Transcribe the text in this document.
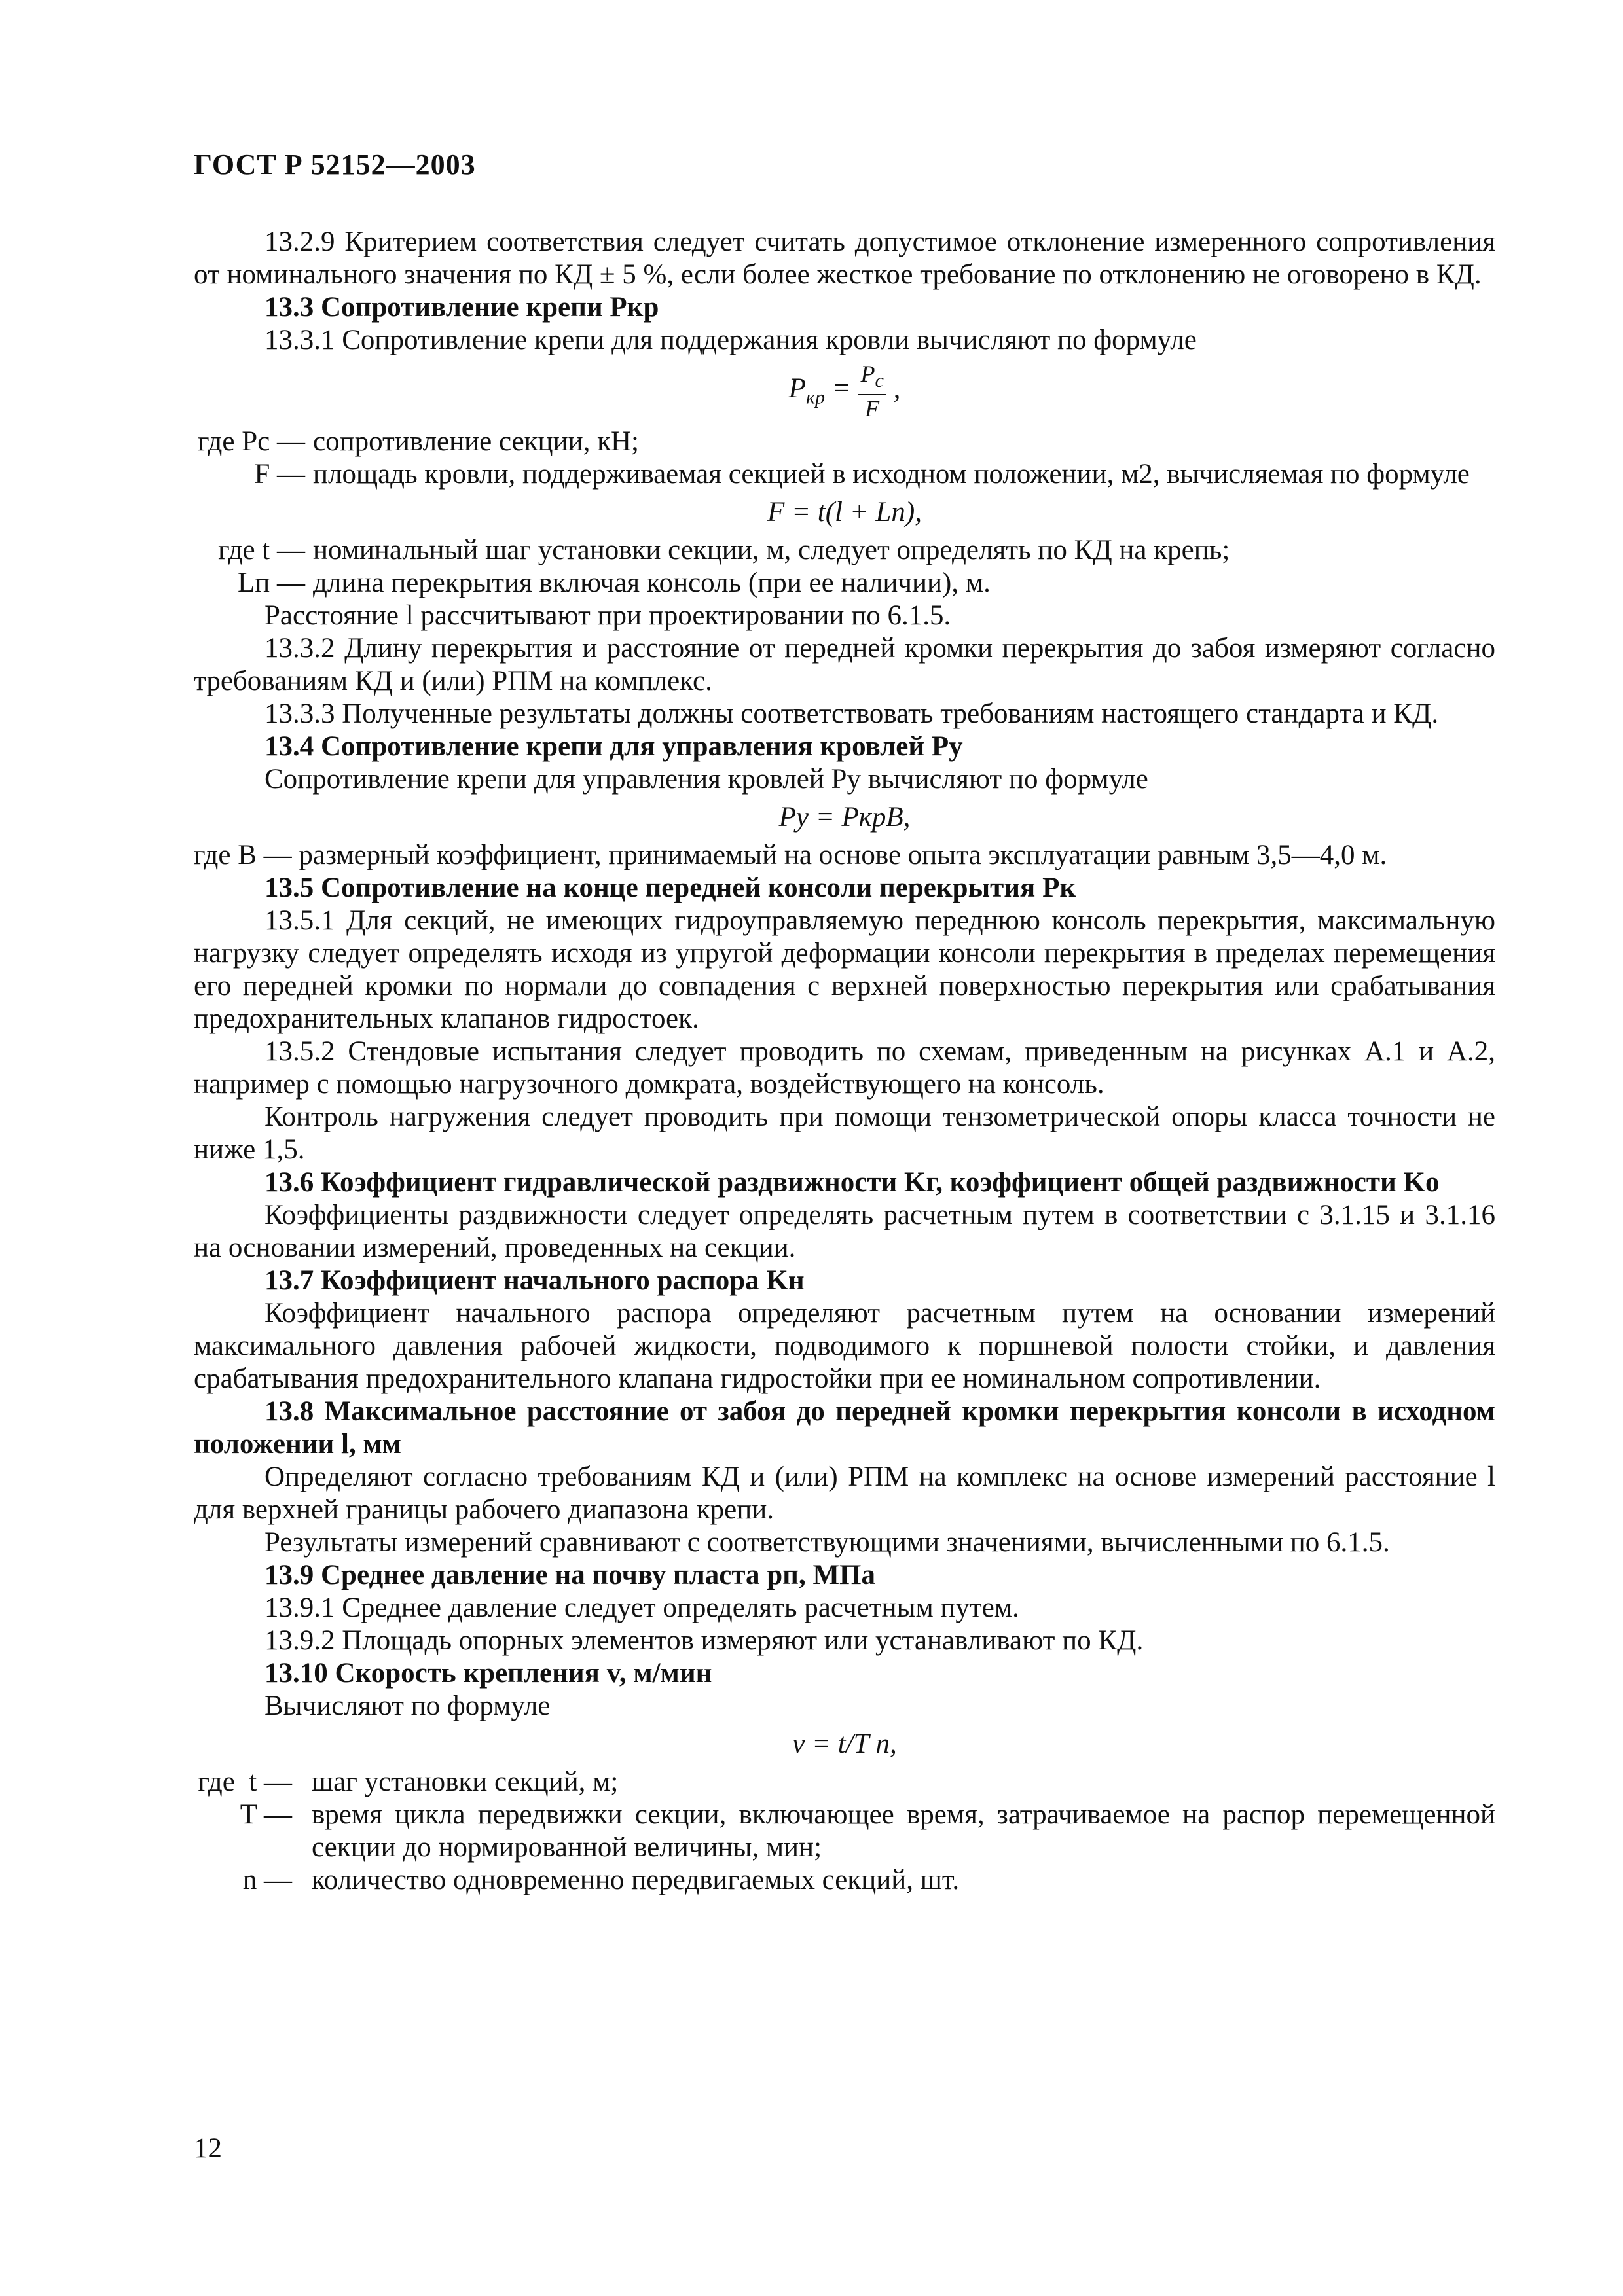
ГОСТ Р 52152—2003

13.2.9 Критерием соответствия следует считать допустимое отклонение измеренного сопротивления от номинального значения по КД ± 5 %, если более жесткое требование по отклонению не оговорено в КД.

13.3 Сопротивление крепи Pкр

13.3.1 Сопротивление крепи для поддержания кровли вычисляют по формуле

$P_{кр} = \frac{P_с}{F}$ ,
где Pс — сопротивление секции, кН;
F — площадь кровли, поддерживаемая секцией в исходном положении, м2, вычисляемая по формуле
F = t(l + Lп),
где t — номинальный шаг установки секции, м, следует определять по КД на крепь;
Lп — длина перекрытия включая консоль (при ее наличии), м.

Расстояние l рассчитывают при проектировании по 6.1.5.

13.3.2 Длину перекрытия и расстояние от передней кромки перекрытия до забоя измеряют согласно требованиям КД и (или) РПМ на комплекс.

13.3.3 Полученные результаты должны соответствовать требованиям настоящего стандарта и КД.

13.4 Сопротивление крепи для управления кровлей Pу

Сопротивление крепи для управления кровлей Pу вычисляют по формуле

Pу = PкрB,

где B — размерный коэффициент, принимаемый на основе опыта эксплуатации равным 3,5—4,0 м.

13.5 Сопротивление на конце передней консоли перекрытия Pк

13.5.1 Для секций, не имеющих гидроуправляемую переднюю консоль перекрытия, максимальную нагрузку следует определять исходя из упругой деформации консоли перекрытия в пределах перемещения его передней кромки по нормали до совпадения с верхней поверхностью перекрытия или срабатывания предохранительных клапанов гидростоек.

13.5.2 Стендовые испытания следует проводить по схемам, приведенным на рисунках А.1 и А.2, например с помощью нагрузочного домкрата, воздействующего на консоль.

Контроль нагружения следует проводить при помощи тензометрической опоры класса точности не ниже 1,5.

13.6 Коэффициент гидравлической раздвижности Kг, коэффициент общей раздвижности Kо

Коэффициенты раздвижности следует определять расчетным путем в соответствии с 3.1.15 и 3.1.16 на основании измерений, проведенных на секции.

13.7 Коэффициент начального распора Kн

Коэффициент начального распора определяют расчетным путем на основании измерений максимального давления рабочей жидкости, подводимого к поршневой полости стойки, и давления срабатывания предохранительного клапана гидростойки при ее номинальном сопротивлении.

13.8 Максимальное расстояние от забоя до передней кромки перекрытия консоли в исходном положении l, мм

Определяют согласно требованиям КД и (или) РПМ на комплекс на основе измерений расстояние l для верхней границы рабочего диапазона крепи.

Результаты измерений сравнивают с соответствующими значениями, вычисленными по 6.1.5.

13.9 Среднее давление на почву пласта pп, МПа

13.9.1 Среднее давление следует определять расчетным путем.

13.9.2 Площадь опорных элементов измеряют или устанавливают по КД.

13.10 Скорость крепления v, м/мин

Вычисляют по формуле

v = t/T n,
где  t — шаг установки секций, м;
T — время цикла передвижки секции, включающее время, затрачиваемое на распор перемещенной секции до нормированной величины, мин;
n — количество одновременно передвигаемых секций, шт.
12
